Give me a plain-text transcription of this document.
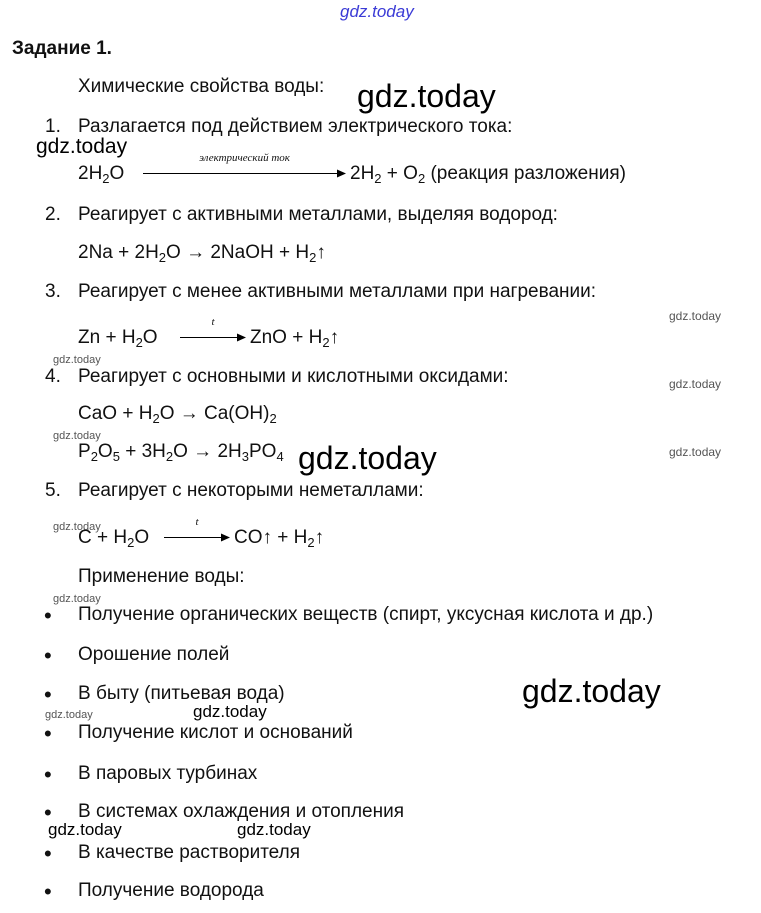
gdz.today
Задание 1.
Химические свойства воды: gdz.today
1. Разлагается под действием электрического тока:
gdz.today
$2H_2O$
электрический ток
$2H_2 + O_2$ (реакция разложения)
2. Реагирует с активными металлами, выделяя водород:
$2Na + 2H_2O$ → 2NaOH + $H_2↑$
3. Реагирует с менее активными металлами при нагревании:
gdz.today
$Zn + H_2O$
t
ZnO + $H_2↑$
gdz.today
4. Реагирует с основными и кислотными оксидами:	gdz.today
CaO + $H_2O \to Ca(OH)_2$
gdz.today
$P_2O_5 + 3H_2O \to 2H_3PO_4$ gdz.today	gdz.today
5. Реагирует с некоторыми неметаллами:
gdz.today
$C + H_2O$
t
CO↑ + $H_2↑$
Применение воды:
gdz.today
• Получение органических веществ (спирт, уксусная кислота и др.)
• Орошение полей
• В быту (питьевая вода)	gdz.today
gdz.today	gdz.today
• Получение кислот и оснований
• В паровых турбинах
• В системах охлаждения и отопления
gdz.today	gdz.today
• В качестве растворителя
• Получение водорода
